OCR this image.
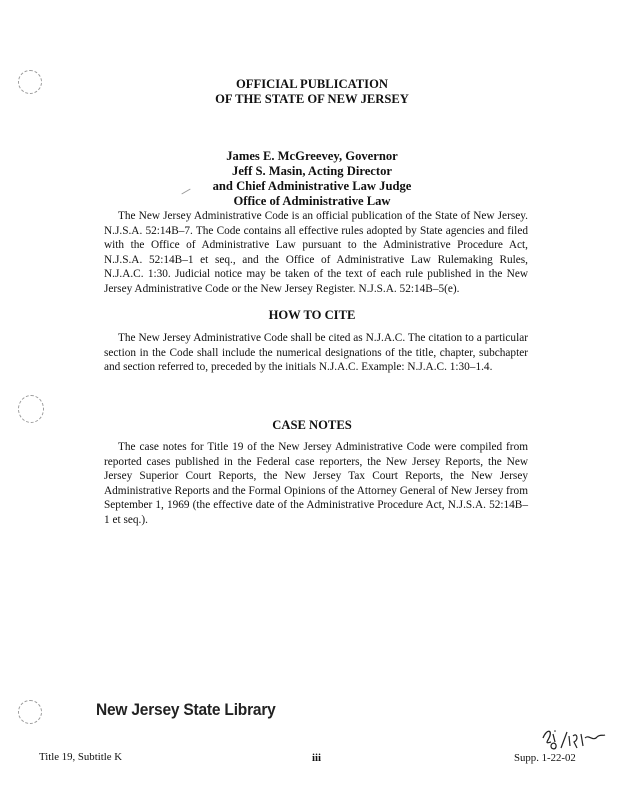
OFFICIAL PUBLICATION
OF THE STATE OF NEW JERSEY
James E. McGreevey, Governor
Jeff S. Masin, Acting Director
and Chief Administrative Law Judge
Office of Administrative Law

The New Jersey Administrative Code is an official publication of the State of New Jersey. N.J.S.A. 52:14B–7. The Code contains all effective rules adopted by State agencies and filed with the Office of Administrative Law pursuant to the Administrative Procedure Act, N.J.S.A. 52:14B–1 et seq., and the Office of Administrative Law Rulemaking Rules, N.J.A.C. 1:30. Judicial notice may be taken of the text of each rule published in the New Jersey Administrative Code or the New Jersey Register. N.J.S.A. 52:14B–5(e).

HOW TO CITE

The New Jersey Administrative Code shall be cited as N.J.A.C. The citation to a particular section in the Code shall include the numerical designations of the title, chapter, subchapter and section referred to, preceded by the initials N.J.A.C. Example: N.J.A.C. 1:30–1.4.

CASE NOTES

The case notes for Title 19 of the New Jersey Administrative Code were compiled from reported cases published in the Federal case reporters, the New Jersey Reports, the New Jersey Superior Court Reports, the New Jersey Tax Court Reports, the New Jersey Administrative Reports and the Formal Opinions of the Attorney General of New Jersey from September 1, 1969 (the effective date of the Administrative Procedure Act, N.J.S.A. 52:14B–1 et seq.).

New Jersey State Library
Title 19, Subtitle K	iii	Supp. 1-22-02
